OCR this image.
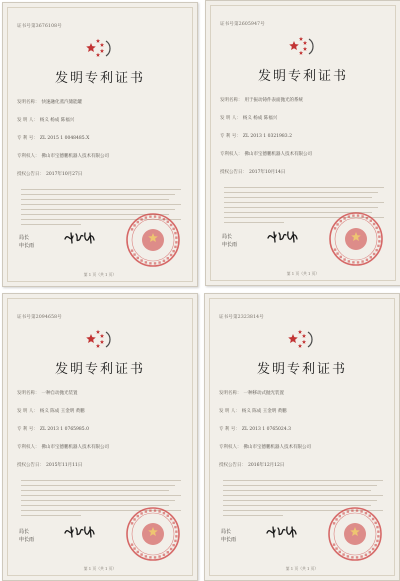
证书号第3676108号
发明专利证书
发明名称： 快速融化蒸汽储能罐
发 明 人： 杨义 杨成 陈福兴
专 利 号： ZL 2015 1 0048485.X
专利权人： 佛山市宝德鹏机器人技术有限公司
授权公告日： 2017年10月27日
局长
申长雨
第 1 页（共 1 页）
证书号第2605947号
发明专利证书
发明名称： 用于振动铸件表面抛光的系统
发 明 人： 杨义 杨成 陈福兴
专 利 号： ZL 2013 1 0321983.2
专利权人： 佛山市宝德鹏机器人技术有限公司
授权公告日： 2017年10月14日
局长
申长雨
第 1 页（共 1 页）
证书号第2094658号
发明专利证书
发明名称： 一种自动抛光装置
发 明 人： 杨义 陈成 王金明 黄鹏
专 利 号： ZL 2013 1 0765985.0
专利权人： 佛山市宝德鹏机器人技术有限公司
授权公告日： 2015年11月11日
局长
申长雨
第 1 页（共 1 页）
证书号第2323814号
发明专利证书
发明名称： 一种移动式抛光装置
发 明 人： 杨义 陈成 王金明 黄鹏
专 利 号： ZL 2013 1 0765024.3
专利权人： 佛山市宝德鹏机器人技术有限公司
授权公告日： 2016年12月12日
局长
申长雨
第 1 页（共 1 页）
